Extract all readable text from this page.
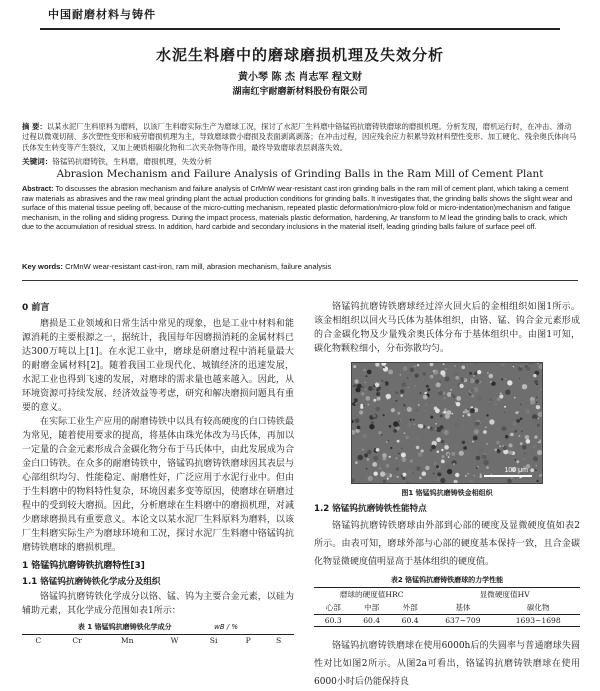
中国耐磨材料与铸件
水泥生料磨中的磨球磨损机理及失效分析
黄小琴 陈 杰 肖志军 程文财
湖南红宇耐磨新材料股份有限公司
摘 要：以某水泥厂生料原料为磨料，以该厂生料磨实际生产为磨球工况，探讨了水泥厂生料磨中铬锰钨抗磨铸铁磨球的磨损机理。分析发现，磨机运行时，在冲击、滑动过程以微观切削、多次塑性变形和疲劳磨损机理为主，导致磨球微小磨损及表面剥离剥落；在冲击过程，因应残余应力积累导致材料塑性变形、加工硬化、残余奥氏体向马氏体发生转变等产生裂纹，又加上硬质相碳化物和二次夹杂物等作用，最终导致磨球表层剥落失效。
关键词：铬锰钨抗磨铸铁，生料磨，磨损机理，失效分析
Abrasion Mechanism and Failure Analysis of Grinding Balls in the Ram Mill of Cement Plant
Abstract: To discusses the abrasion mechanism and failure analysis of CrMnW wear-resistant cast iron grinding balls in the ram mill of cement plant, which taking a cement raw materials as abrasives and the raw meal grinding plant the actual production conditions for grinding balls. It investigates that, the grinding balls shows the slight wear and surface of this material tissue peeling off, because of the micro-cutting mechanism, repeated plastic deformation/micro-plow fold or micro-indentation)mechanism and fatigue mechanism, in the rolling and sliding progress. During the impact process, materials plastic deformation, hardening, Ar transform to M lead the grinding balls to crack, which due to the accumulation of residual stress. In addition, hard carbide and secondary inclusions in the material itself, leading grinding balls failure of surface peel off.
Key words: CrMnW wear-resistant cast-iron, ram mill, abrasion mechanism, failure analysis
0 前言

磨损是工业领域和日常生活中常见的现象，也是工业中材料和能源消耗的主要根源之一，据统计，我国每年因磨损消耗的金属材料已达300万吨以上[1]。在水泥工业中，磨球是研磨过程中消耗量最大的耐磨金属材料[2]。随着我国工业现代化、城镇经济的迅速发展，水泥工业也得到飞速的发展，对磨球的需求量也越来越入。因此，从环境资源可持续发展、经济效益等考虑，研究和解决磨损问题具有重要的意义。

在实际工业生产应用的耐磨铸铁中以具有较高硬度的白口铸铁最为常见，随着使用要求的提高，将基体由珠光体改为马氏体，再加以一定量的合金元素形成合金碳化物分布于马氏体中，由此发展成为合金白口铸铁。在众多的耐磨铸铁中，铬锰钨抗磨铸铁磨球因其表层与心部组织均匀、性能稳定、耐磨性好，广泛应用于水泥行业中。但由于生料磨中的物料特性复杂，环境因素多变等原因，使磨球在研磨过程中的受到较大磨损。因此，分析磨球在生料磨中的磨损机理，对减少磨球磨损具有重要意义。本论文以某水泥厂生料原料为磨料，以该厂生料磨实际生产为磨球环境和工况，探讨水泥厂生料磨中铬锰钨抗磨铸铁磨球的磨损机理。

1 铬锰钨抗磨铸铁抗磨特性[3]
1.1 铬锰钨抗磨铸铁化学成分及组织

铬锰钨抗磨铸铁化学成分以铬、锰、钨为主要合金元素，以硅为辅助元素，其化学成分范围如表1所示：

表 1 铬锰钨抗磨铸铁化学成分	wB / %
C	Cr	Mn	W	Si	P	S

铬锰钨抗磨铸铁磨球经过淬火回火后的金相组织如图1所示。该金相组织以回火马氏体为基体组织，由铬、锰、钨合金元素形成的合金碳化物及少量残余奥氏体分布于基体组织中。由图1可知，碳化物颗粒细小，分布弥散均匀。

100 μm
图1 铬锰钨抗磨铸铁金相组织
1.2 铬锰钨抗磨铸铁性能特点

铬锰钨抗磨铸铁磨球由外部到心部的硬度及显微硬度值如表2所示。由表可知，磨球外部与心部的硬度基本保持一致，且合金碳化物显微硬度值明显高于基体组织的硬度值。

表2 铬锰钨抗磨铸铁磨球的力学性能
磨球的硬度值HRC			显微硬度值HV	
心部	中部	外部	基体	碳化物
60.3	60.4	60.4	637~709	1693~1698

铬锰钨抗磨铸铁磨球在使用6000h后的失圆率与普通磨球失圆性对比如图2所示。从图2a可看出，铬锰钨抗磨铸铁磨球在使用6000小时后仍能保持良
